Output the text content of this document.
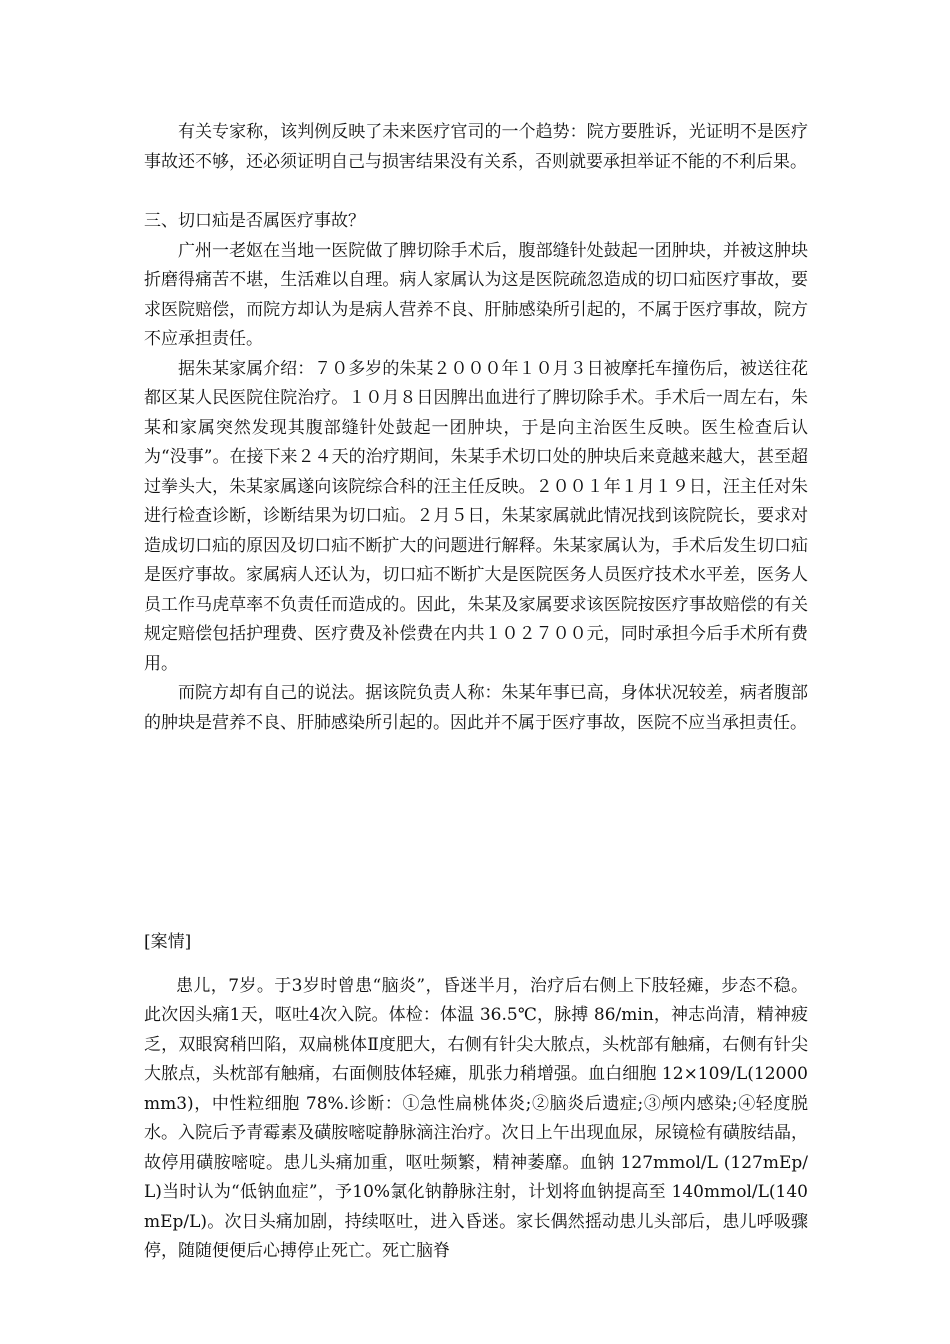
有关专家称，该判例反映了未来医疗官司的一个趋势：院方要胜诉，光证明不是医疗事故还不够，还必须证明自己与损害结果没有关系，否则就要承担举证不能的不利后果。

三、切口疝是否属医疗事故？

广州一老妪在当地一医院做了脾切除手术后，腹部缝针处鼓起一团肿块，并被这肿块折磨得痛苦不堪，生活难以自理。病人家属认为这是医院疏忽造成的切口疝医疗事故，要求医院赔偿，而院方却认为是病人营养不良、肝肺感染所引起的，不属于医疗事故，院方不应承担责任。

据朱某家属介绍：７０多岁的朱某２０００年１０月３日被摩托车撞伤后，被送往花都区某人民医院住院治疗。１０月８日因脾出血进行了脾切除手术。手术后一周左右，朱某和家属突然发现其腹部缝针处鼓起一团肿块，于是向主治医生反映。医生检查后认为“没事”。在接下来２４天的治疗期间，朱某手术切口处的肿块后来竟越来越大，甚至超过拳头大，朱某家属遂向该院综合科的汪主任反映。２００１年１月１９日，汪主任对朱进行检查诊断，诊断结果为切口疝。２月５日，朱某家属就此情况找到该院院长，要求对造成切口疝的原因及切口疝不断扩大的问题进行解释。朱某家属认为，手术后发生切口疝是医疗事故。家属病人还认为，切口疝不断扩大是医院医务人员医疗技术水平差，医务人员工作马虎草率不负责任而造成的。因此，朱某及家属要求该医院按医疗事故赔偿的有关规定赔偿包括护理费、医疗费及补偿费在内共１０２７００元，同时承担今后手术所有费用。

而院方却有自己的说法。据该院负责人称：朱某年事已高，身体状况较差，病者腹部的肿块是营养不良、肝肺感染所引起的。因此并不属于医疗事故，医院不应当承担责任。

[案情]

患儿，7岁。于3岁时曾患“脑炎”，昏迷半月，治疗后右侧上下肢轻瘫，步态不稳。此次因头痛1天，呕吐4次入院。体检：体温 36.5℃，脉搏 86/min，神志尚清，精神疲乏，双眼窝稍凹陷，双扁桃体Ⅱ度肥大，右侧有针尖大脓点，头枕部有触痛，右侧有针尖大脓点，头枕部有触痛，右面侧肢体轻瘫，肌张力稍增强。血白细胞 12×109/L(12000mm3)，中性粒细胞 78%.诊断：①急性扁桃体炎;②脑炎后遗症;③颅内感染;④轻度脱水。入院后予青霉素及磺胺嘧啶静脉滴注治疗。次日上午出现血尿，尿镜检有磺胺结晶，故停用磺胺嘧啶。患儿头痛加重，呕吐频繁，精神萎靡。血钠 127mmol/L (127mEp/L)当时认为“低钠血症”，予10%氯化钠静脉注射，计划将血钠提高至 140mmol/L(140mEp/L)。次日头痛加剧，持续呕吐，进入昏迷。家长偶然摇动患儿头部后，患儿呼吸骤停，随随便便后心搏停止死亡。死亡脑脊
